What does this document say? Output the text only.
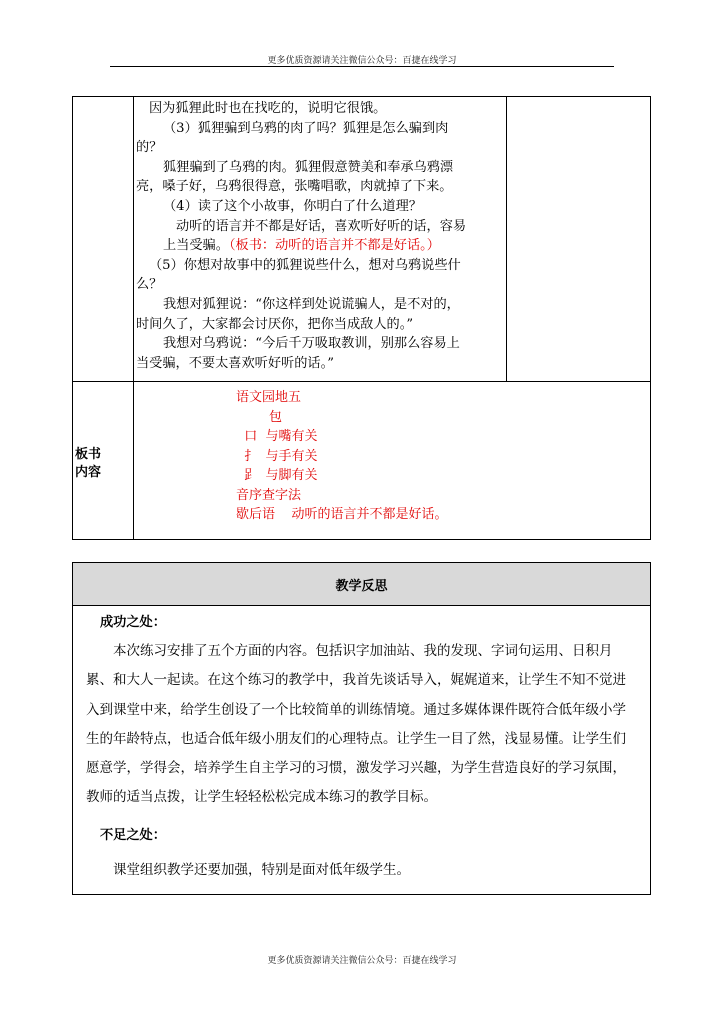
更多优质资源请关注微信公众号：百捷在线学习

因为狐狸此时也在找吃的，说明它很饿。

（3）狐狸骗到乌鸦的肉了吗？狐狸是怎么骗到肉

的？

狐狸骗到了乌鸦的肉。狐狸假意赞美和奉承乌鸦漂

亮，嗓子好，乌鸦很得意，张嘴唱歌，肉就掉了下来。

（4）读了这个小故事，你明白了什么道理？

动听的语言并不都是好话，喜欢听好听的话，容易

上当受骗。（板书：动听的语言并不都是好话。）

（5）你想对故事中的狐狸说些什么，想对乌鸦说些什

么？

我想对狐狸说：“你这样到处说谎骗人，是不对的，

时间久了，大家都会讨厌你，把你当成敌人的。”

我想对乌鸦说：“今后千万吸取教训，别那么容易上

当受骗，不要太喜欢听好听的话。”

板书
内容
语文园地五
包
口  与嘴有关
扌  与手有关
𧾷  与脚有关
音序查字法
歇后语    动听的语言并不都是好话。
教学反思
成功之处：

本次练习安排了五个方面的内容。包括识字加油站、我的发现、字词句运用、日积月累、和大人一起读。在这个练习的教学中，我首先谈话导入，娓娓道来，让学生不知不觉进入到课堂中来，给学生创设了一个比较简单的训练情境。通过多媒体课件既符合低年级小学生的年龄特点，也适合低年级小朋友们的心理特点。让学生一目了然，浅显易懂。让学生们愿意学，学得会，培养学生自主学习的习惯，激发学习兴趣，为学生营造良好的学习氛围，教师的适当点拨，让学生轻轻松松完成本练习的教学目标。

不足之处：

课堂组织教学还要加强，特别是面对低年级学生。

更多优质资源请关注微信公众号：百捷在线学习
